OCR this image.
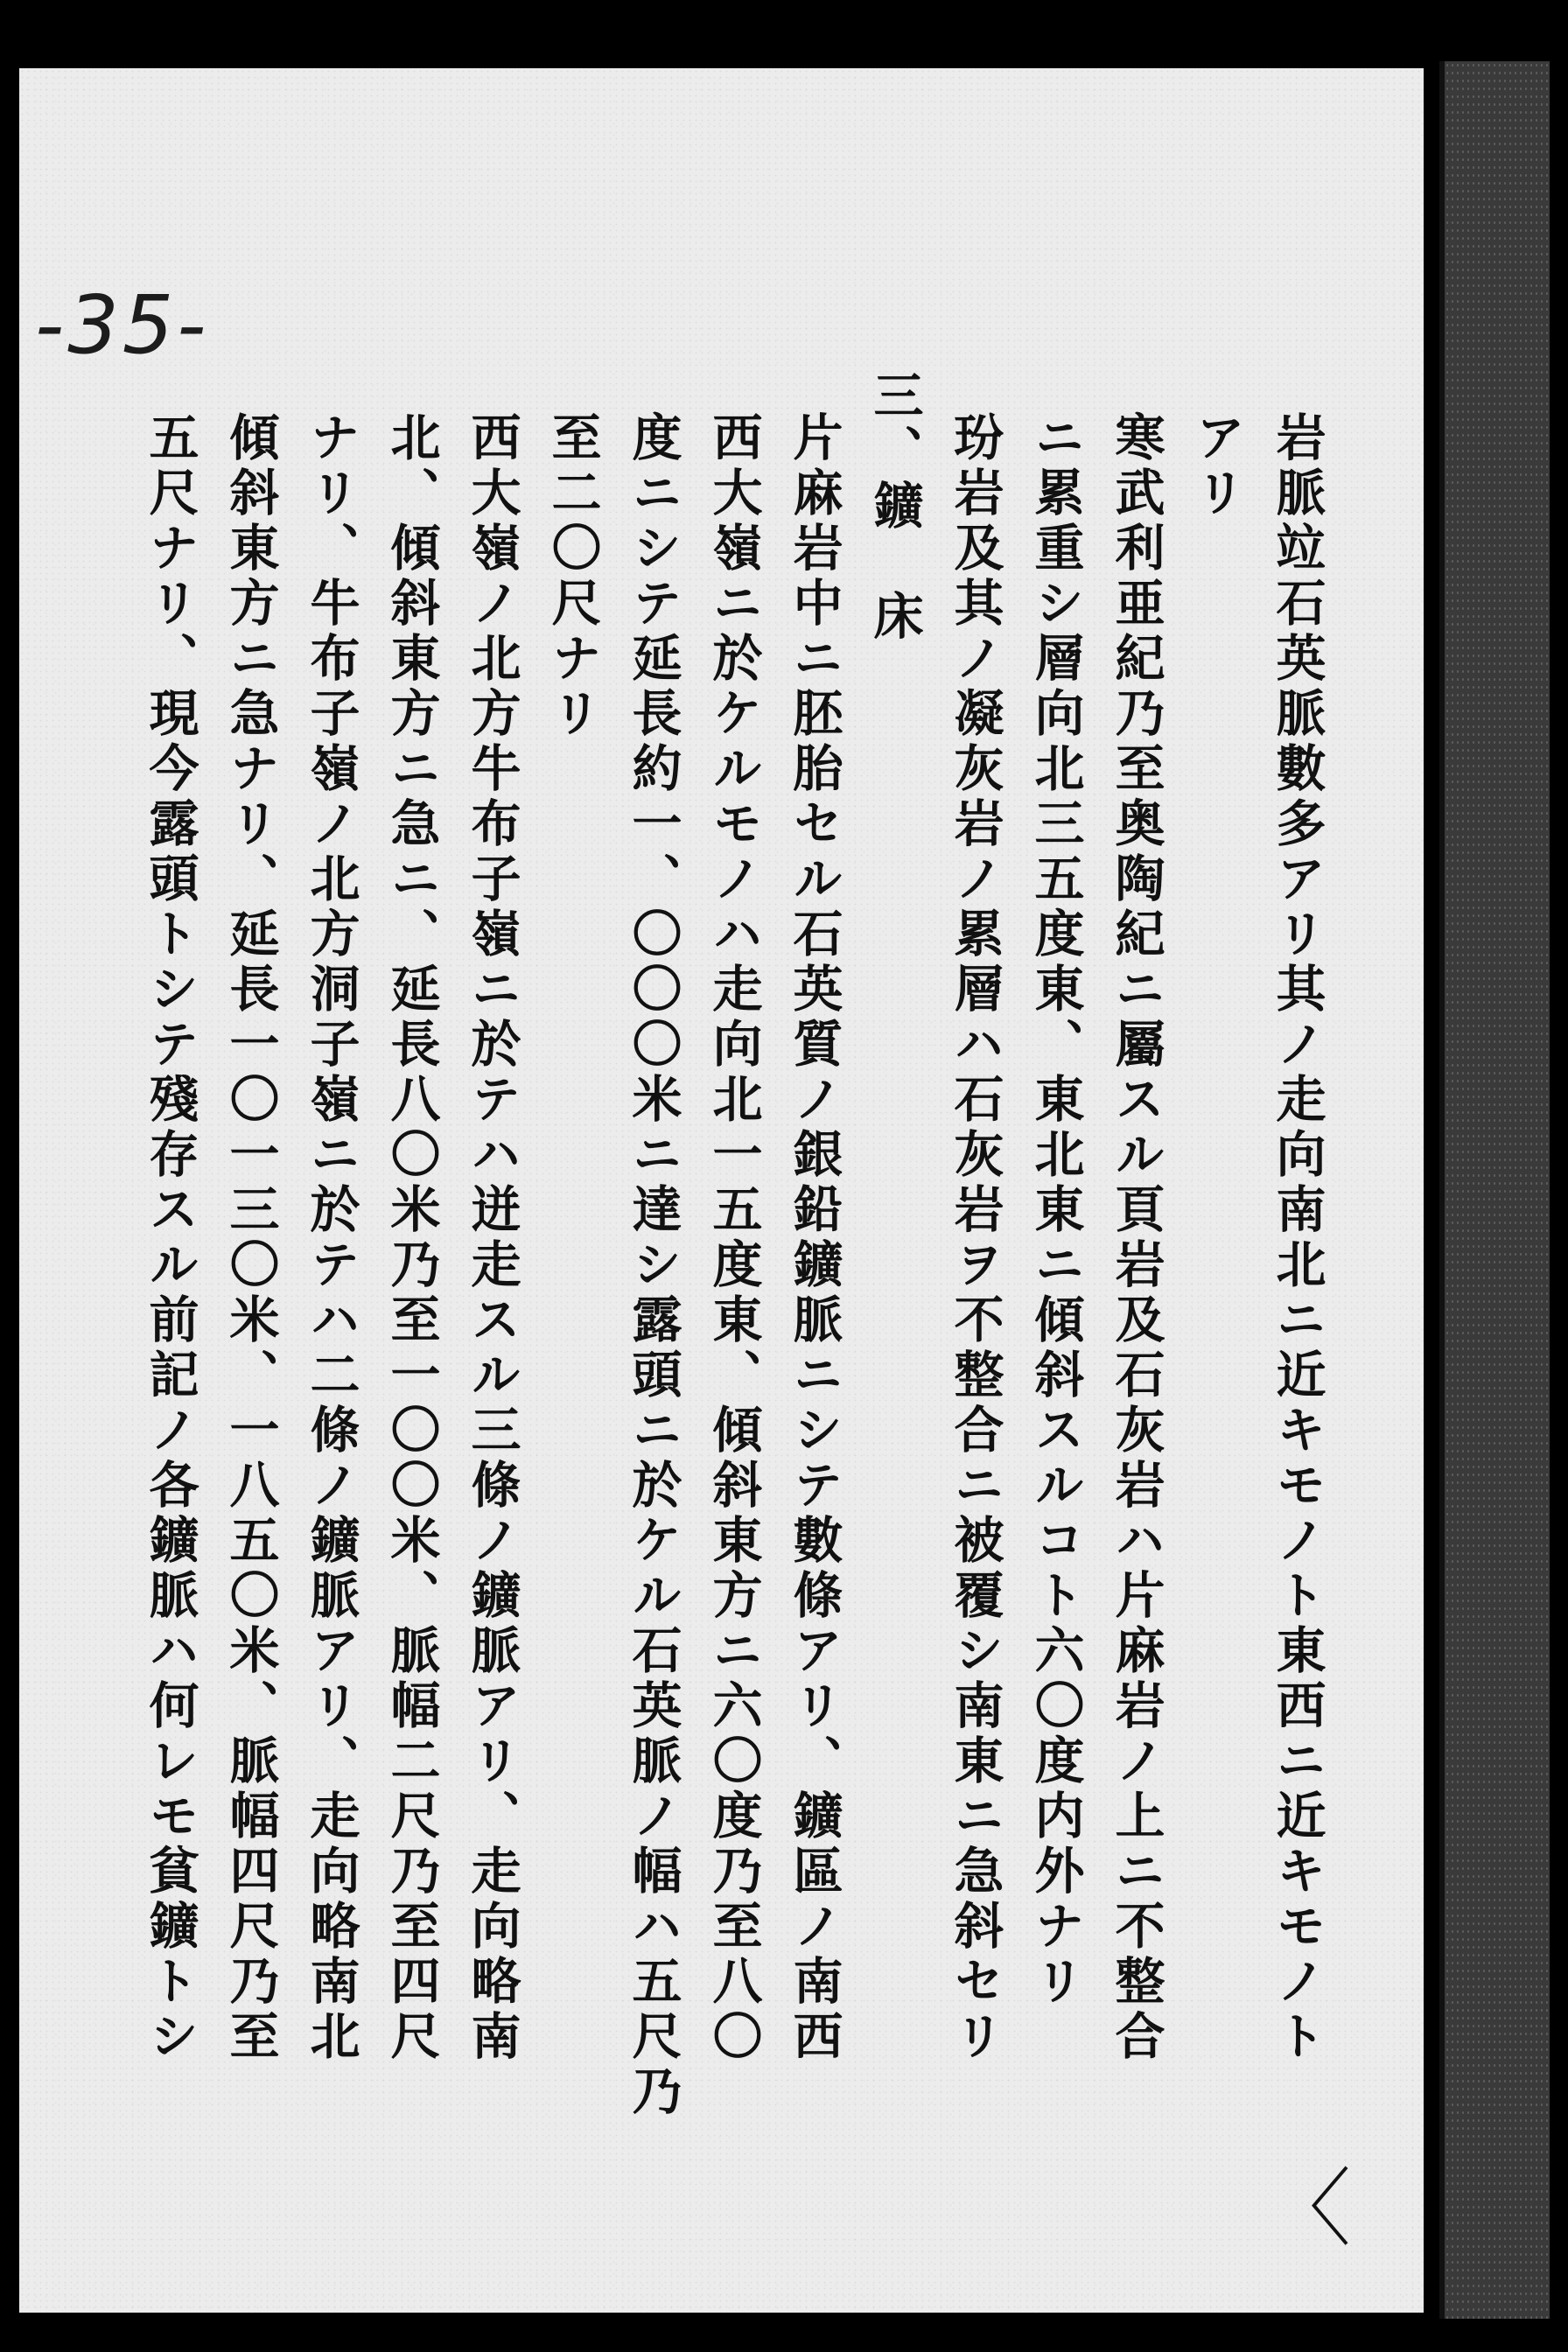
-35-
岩脈竝石英脈數多アリ其ノ走向南北ニ近キモノト東西ニ近キモノト
アリ
寒武利亜紀乃至奥陶紀ニ屬スル頁岩及石灰岩ハ片麻岩ノ上ニ不整合
ニ累重シ層向北三五度東、東北東ニ傾斜スルコト六〇度内外ナリ
玢岩及其ノ凝灰岩ノ累層ハ石灰岩ヲ不整合ニ被覆シ南東ニ急斜セリ
三、鑛　床
片麻岩中ニ胚胎セル石英質ノ銀鉛鑛脈ニシテ數條アリ、鑛區ノ南西
西大嶺ニ於ケルモノハ走向北一五度東、傾斜東方ニ六〇度乃至八〇
度ニシテ延長約一、〇〇〇米ニ達シ露頭ニ於ケル石英脈ノ幅ハ五尺乃
至二〇尺ナリ
西大嶺ノ北方牛布子嶺ニ於テハ迸走スル三條ノ鑛脈アリ、走向略南
北、傾斜東方ニ急ニ、延長八〇米乃至一〇〇米、脈幅二尺乃至四尺
ナリ、牛布子嶺ノ北方洞子嶺ニ於テハ二條ノ鑛脈アリ、走向略南北
傾斜東方ニ急ナリ、延長一〇一三〇米、一八五〇米、脈幅四尺乃至
五尺ナリ、現今露頭トシテ殘存スル前記ノ各鑛脈ハ何レモ貧鑛トシ
〈
